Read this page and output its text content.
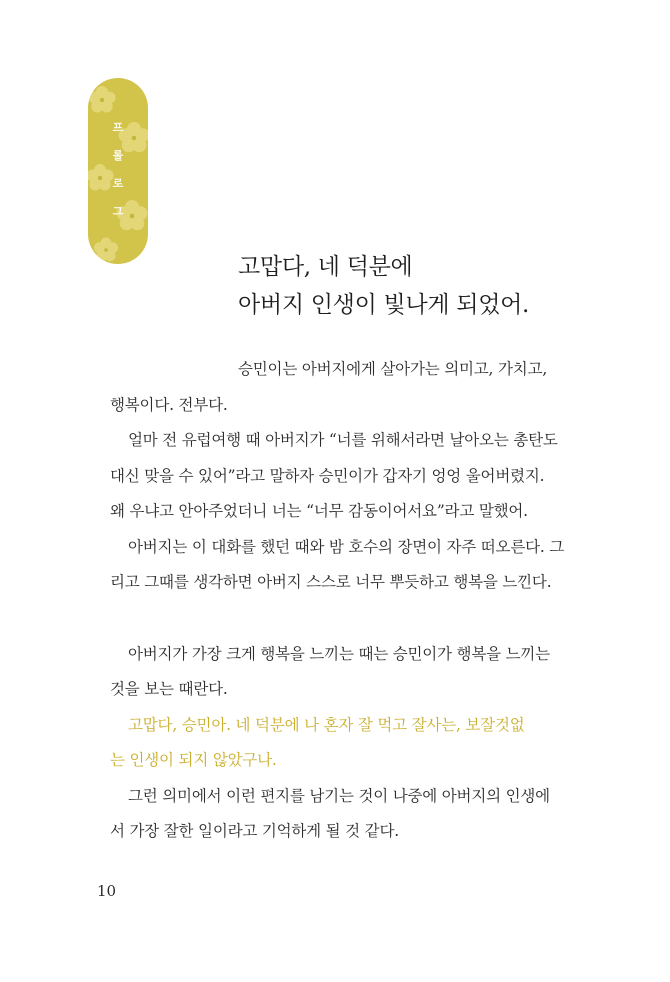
프
롤
로
그
고맙다, 네 덕분에
아버지 인생이 빛나게 되었어.
승민이는 아버지에게 살아가는 의미고, 가치고,
행복이다. 전부다.
얼마 전 유럽여행 때 아버지가 “너를 위해서라면 날아오는 총탄도
대신 맞을 수 있어”라고 말하자 승민이가 갑자기 엉엉 울어버렸지.
왜 우냐고 안아주었더니 너는 “너무 감동이어서요”라고 말했어.
아버지는 이 대화를 했던 때와 밤 호수의 장면이 자주 떠오른다. 그
리고 그때를 생각하면 아버지 스스로 너무 뿌듯하고 행복을 느낀다.
아버지가 가장 크게 행복을 느끼는 때는 승민이가 행복을 느끼는
것을 보는 때란다.
고맙다, 승민아. 네 덕분에 나 혼자 잘 먹고 잘사는, 보잘것없
는 인생이 되지 않았구나.
그런 의미에서 이런 편지를 남기는 것이 나중에 아버지의 인생에
서 가장 잘한 일이라고 기억하게 될 것 같다.
10
